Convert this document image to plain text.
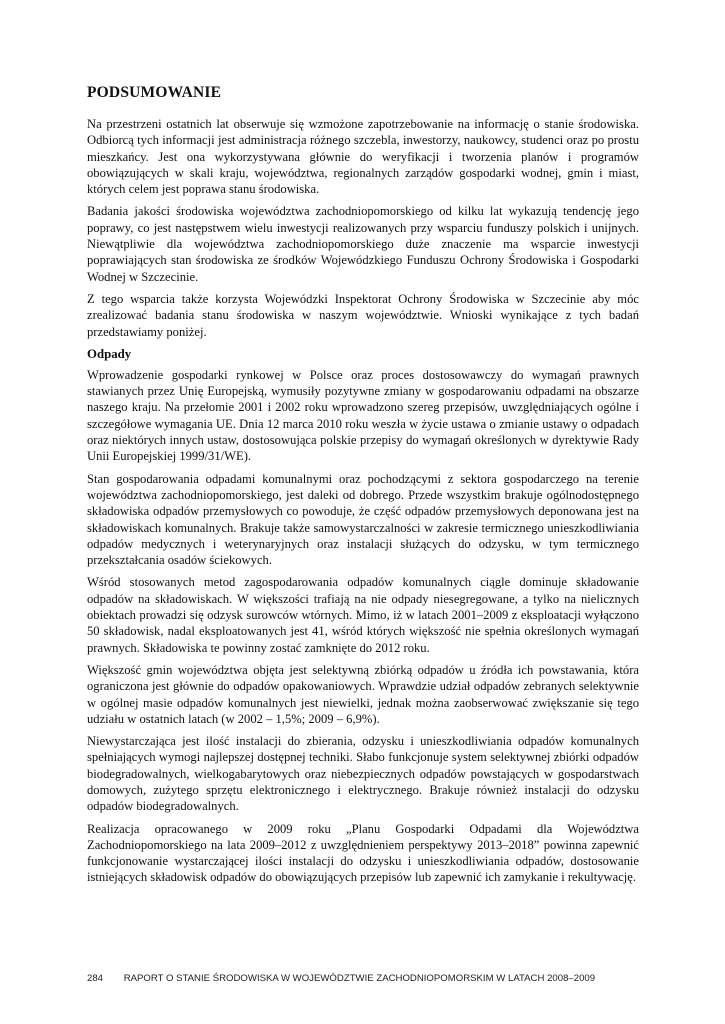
PODSUMOWANIE

Na przestrzeni ostatnich lat obserwuje się wzmożone zapotrzebowanie na informację o stanie środowiska. Odbiorcą tych informacji jest administracja różnego szczebla, inwestorzy, naukowcy, studenci oraz po prostu mieszkańcy. Jest ona wykorzystywana głównie do weryfikacji i tworzenia planów i programów obowiązujących w skali kraju, województwa, regionalnych zarządów gospodarki wodnej, gmin i miast, których celem jest poprawa stanu środowiska.

Badania jakości środowiska województwa zachodniopomorskiego od kilku lat wykazują tendencję jego poprawy, co jest następstwem wielu inwestycji realizowanych przy wsparciu funduszy polskich i unijnych. Niewątpliwie dla województwa zachodniopomorskiego duże znaczenie ma wsparcie inwestycji poprawiających stan środowiska ze środków Wojewódzkiego Funduszu Ochrony Środowiska i Gospodarki Wodnej w Szczecinie.

Z tego wsparcia także korzysta Wojewódzki Inspektorat Ochrony Środowiska w Szczecinie aby móc zrealizować badania stanu środowiska w naszym województwie. Wnioski wynikające z tych badań przedstawiamy poniżej.

Odpady

Wprowadzenie gospodarki rynkowej w Polsce oraz proces dostosowawczy do wymagań prawnych stawianych przez Unię Europejską, wymusiły pozytywne zmiany w gospodarowaniu odpadami na obszarze naszego kraju. Na przełomie 2001 i 2002 roku wprowadzono szereg przepisów, uwzględniających ogólne i szczegółowe wymagania UE. Dnia 12 marca 2010 roku weszła w życie ustawa o zmianie ustawy o odpadach oraz niektórych innych ustaw, dostosowująca polskie przepisy do wymagań określonych w dyrektywie Rady Unii Europejskiej 1999/31/WE).

Stan gospodarowania odpadami komunalnymi oraz pochodzącymi z sektora gospodarczego na terenie województwa zachodniopomorskiego, jest daleki od dobrego. Przede wszystkim brakuje ogólnodostępnego składowiska odpadów przemysłowych co powoduje, że część odpadów przemysłowych deponowana jest na składowiskach komunalnych. Brakuje także samowystarczalności w zakresie termicznego unieszkodliwiania odpadów medycznych i weterynaryjnych oraz instalacji służących do odzysku, w tym termicznego przekształcania osadów ściekowych.

Wśród stosowanych metod zagospodarowania odpadów komunalnych ciągle dominuje składowanie odpadów na składowiskach. W większości trafiają na nie odpady niesegregowane, a tylko na nielicznych obiektach prowadzi się odzysk surowców wtórnych. Mimo, iż w latach 2001–2009 z eksploatacji wyłączono 50 składowisk, nadal eksploatowanych jest 41, wśród których większość nie spełnia określonych wymagań prawnych. Składowiska te powinny zostać zamknięte do 2012 roku.

Większość gmin województwa objęta jest selektywną zbiórką odpadów u źródła ich powstawania, która ograniczona jest głównie do odpadów opakowaniowych. Wprawdzie udział odpadów zebranych selektywnie w ogólnej masie odpadów komunalnych jest niewielki, jednak można zaobserwować zwiększanie się tego udziału w ostatnich latach (w 2002 – 1,5%; 2009 – 6,9%).

Niewystarczająca jest ilość instalacji do zbierania, odzysku i unieszkodliwiania odpadów komunalnych spełniających wymogi najlepszej dostępnej techniki. Słabo funkcjonuje system selektywnej zbiórki odpadów biodegradowalnych, wielkogabarytowych oraz niebezpiecznych odpadów powstających w gospodarstwach domowych, zużytego sprzętu elektronicznego i elektrycznego. Brakuje również instalacji do odzysku odpadów biodegradowalnych.

Realizacja opracowanego w 2009 roku „Planu Gospodarki Odpadami dla Województwa Zachodniopomorskiego na lata 2009–2012 z uwzględnieniem perspektywy 2013–2018” powinna zapewnić funkcjonowanie wystarczającej ilości instalacji do odzysku i unieszkodliwiania odpadów, dostosowanie istniejących składowisk odpadów do obowiązujących przepisów lub zapewnić ich zamykanie i rekultywację.

284 RAPORT O STANIE ŚRODOWISKA W WOJEWÓDZTWIE ZACHODNIOPOMORSKIM W LATACH 2008–2009
